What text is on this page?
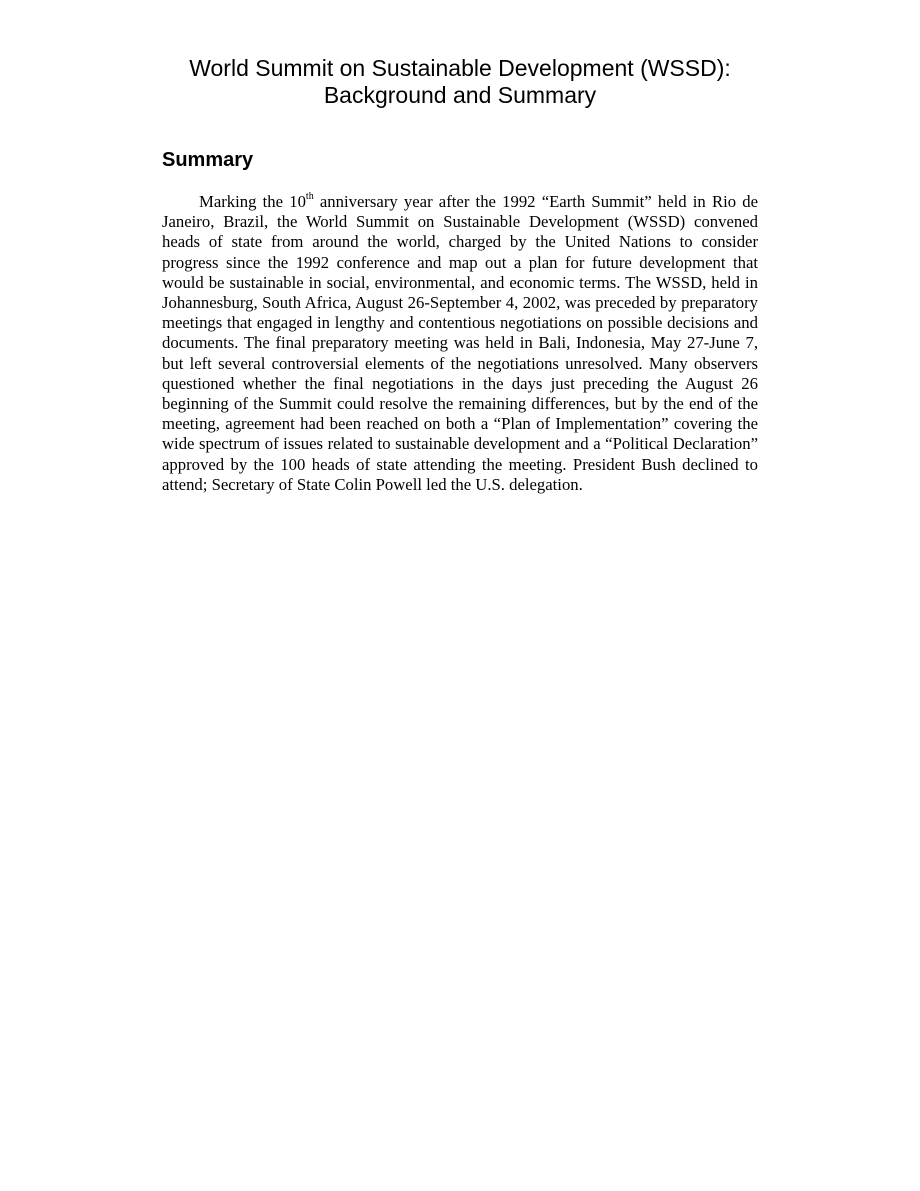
World Summit on Sustainable Development (WSSD):
Background and Summary
Summary

Marking the 10th anniversary year after the 1992 “Earth Summit” held in Rio de Janeiro, Brazil, the World Summit on Sustainable Development (WSSD) convened heads of state from around the world, charged by the United Nations to consider progress since the 1992 conference and map out a plan for future development that would be sustainable in social, environmental, and economic terms. The WSSD, held in Johannesburg, South Africa, August 26-September 4, 2002, was preceded by preparatory meetings that engaged in lengthy and contentious negotiations on possible decisions and documents. The final preparatory meeting was held in Bali, Indonesia, May 27-June 7, but left several controversial elements of the negotiations unresolved. Many observers questioned whether the final negotiations in the days just preceding the August 26 beginning of the Summit could resolve the remaining differences, but by the end of the meeting, agreement had been reached on both a “Plan of Implementation” covering the wide spectrum of issues related to sustainable development and a “Political Declaration” approved by the 100 heads of state attending the meeting. President Bush declined to attend; Secretary of State Colin Powell led the U.S. delegation.
